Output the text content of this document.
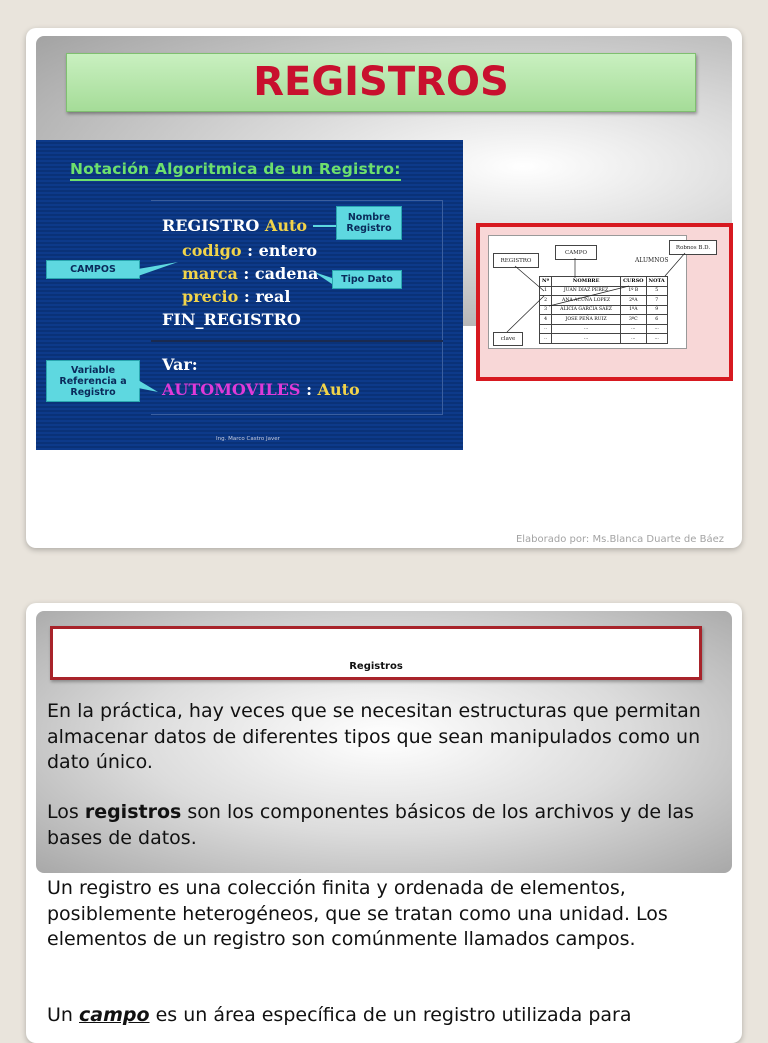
REGISTROS
Notación Algoritmica de un Registro:
REGISTRO Auto
codigo : entero
marca : cadena
precio : real
FIN_REGISTRO
Var:
AUTOMOVILES : Auto
Nombre Registro
CAMPOS
Tipo Dato
Variable Referencia a Registro
Ing. Marco Castro Javer
REGISTRO
CAMPO
ALUMNOS
Robnos B.D.
clave
Nº	NOMBRE	CURSO	NOTA
1	JUAN DIAZ PEREZ	1º B	5
2	ANA ACUNA LOPEZ	2ºA	7
3	ALICIA GARCIA SAEZ	1ºA	9
4	JOSE PEÑA RUIZ	3ºC	6
..	...	...	...
..	...	...	...
Elaborado por: Ms.Blanca Duarte de Báez
Registros

En la práctica, hay veces que se necesitan estructuras que permitan almacenar datos de diferentes tipos que sean manipulados como un dato único.

Los registros son los componentes básicos de los archivos y de las bases de datos.

Un registro es una colección finita y ordenada de elementos, posiblemente heterogéneos, que se tratan como una unidad. Los elementos de un registro son comúnmente llamados campos.

Un campo es un área específica de un registro utilizada para
